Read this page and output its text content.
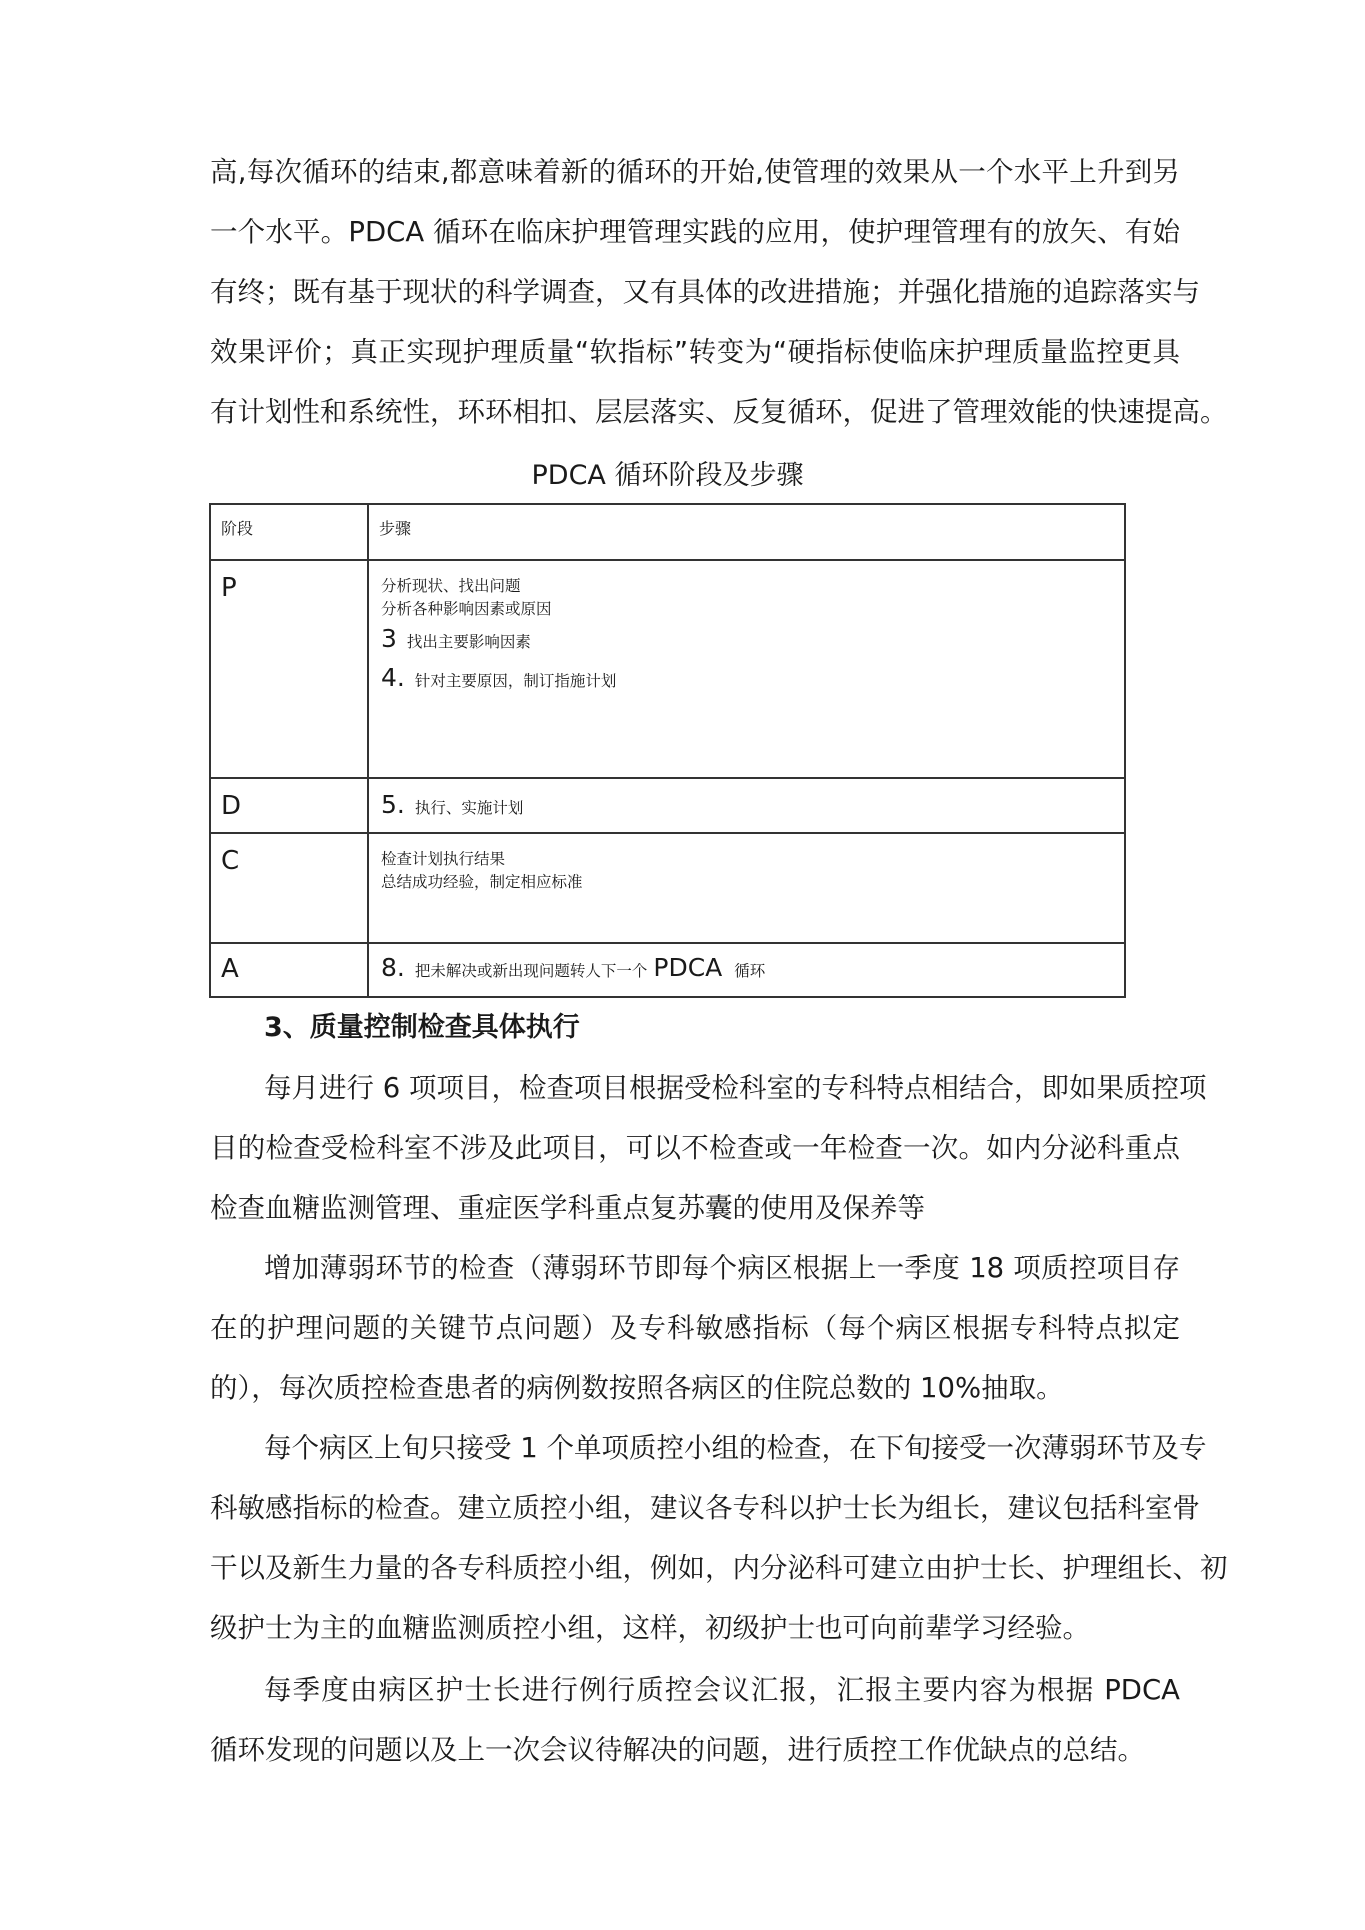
高,每次循环的结束,都意味着新的循环的开始,使管理的效果从一个水平上升到另
一个水平。PDCA 循环在临床护理管理实践的应用，使护理管理有的放矢、有始
有终；既有基于现状的科学调查，又有具体的改进措施；并强化措施的追踪落实与
效果评价；真正实现护理质量“软指标”转变为“硬指标使临床护理质量监控更具
有计划性和系统性，环环相扣、层层落实、反复循环，促进了管理效能的快速提高。
PDCA 循环阶段及步骤
阶段	步骤
P	分析现状、找出问题
分析各种影响因素或原因
3 找出主要影响因素
4. 针对主要原因，制订指施计划

D	5. 执行、实施计划

C	检查计划执行结果
总结成功经验，制定相应标准

A	8. 把未解决或新出现问题转人下一个 PDCA 循环
3、质量控制检查具体执行
每月进行 6 项项目，检查项目根据受检科室的专科特点相结合，即如果质控项
目的检查受检科室不涉及此项目，可以不检查或一年检查一次。如内分泌科重点
检查血糖监测管理、重症医学科重点复苏囊的使用及保养等
增加薄弱环节的检查（薄弱环节即每个病区根据上一季度 18 项质控项目存
在的护理问题的关键节点问题）及专科敏感指标（每个病区根据专科特点拟定
的），每次质控检查患者的病例数按照各病区的住院总数的 10%抽取。
每个病区上旬只接受 1 个单项质控小组的检查，在下旬接受一次薄弱环节及专
科敏感指标的检查。建立质控小组，建议各专科以护士长为组长，建议包括科室骨
干以及新生力量的各专科质控小组，例如，内分泌科可建立由护士长、护理组长、初
级护士为主的血糖监测质控小组，这样，初级护士也可向前辈学习经验。
每季度由病区护士长进行例行质控会议汇报，汇报主要内容为根据 PDCA
循环发现的问题以及上一次会议待解决的问题，进行质控工作优缺点的总结。
